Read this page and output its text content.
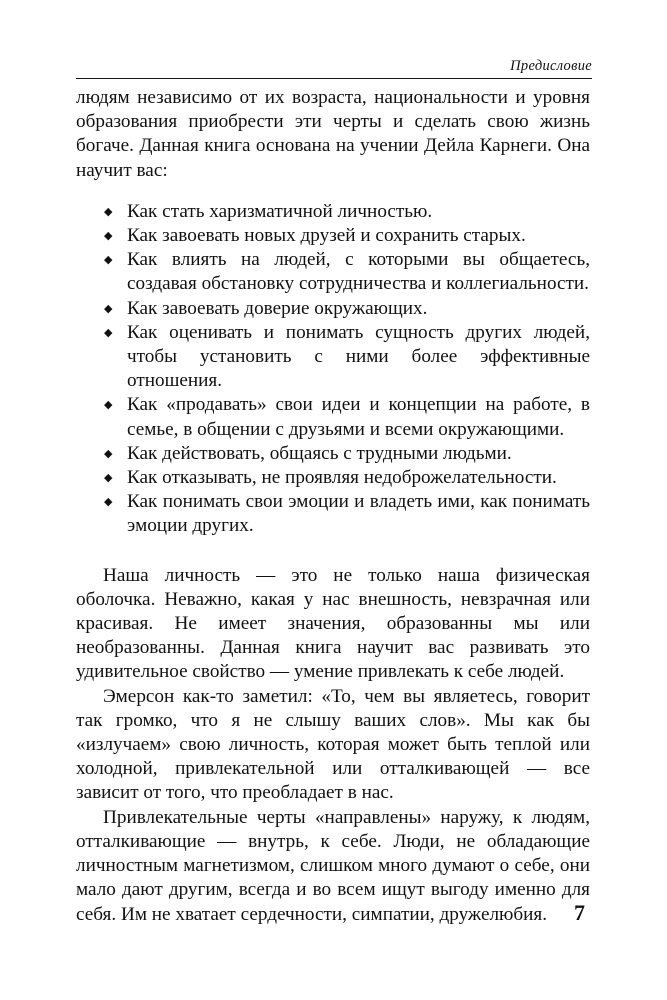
Предисловие

людям независимо от их возраста, национальности и уровня образования приобрести эти черты и сделать свою жизнь богаче. Данная книга основана на учении Дейла Карнеги. Она научит вас:

◆ Как стать харизматичной личностью.
◆ Как завоевать новых друзей и сохранить старых.
◆ Как влиять на людей, с которыми вы общаетесь, создавая обстановку сотрудничества и коллегиальности.
◆ Как завоевать доверие окружающих.
◆ Как оценивать и понимать сущность других людей, чтобы установить с ними более эффективные отношения.
◆ Как «продавать» свои идеи и концепции на работе, в семье, в общении с друзьями и всеми окружающими.
◆ Как действовать, общаясь с трудными людьми.
◆ Как отказывать, не проявляя недоброжелательности.
◆ Как понимать свои эмоции и владеть ими, как понимать эмоции других.

Наша личность — это не только наша физическая оболочка. Неважно, какая у нас внешность, невзрачная или красивая. Не имеет значения, образованны мы или необразованны. Данная книга научит вас развивать это удивительное свойство — умение привлекать к себе людей.

Эмерсон как-то заметил: «То, чем вы являетесь, говорит так громко, что я не слышу ваших слов». Мы как бы «излучаем» свою личность, которая может быть теплой или холодной, привлекательной или отталкивающей — все зависит от того, что преобладает в нас.

Привлекательные черты «направлены» наружу, к людям, отталкивающие — внутрь, к себе. Люди, не обладающие личностным магнетизмом, слишком много думают о себе, они мало дают другим, всегда и во всем ищут выгоду именно для себя. Им не хватает сердечности, симпатии, дружелюбия.	7
